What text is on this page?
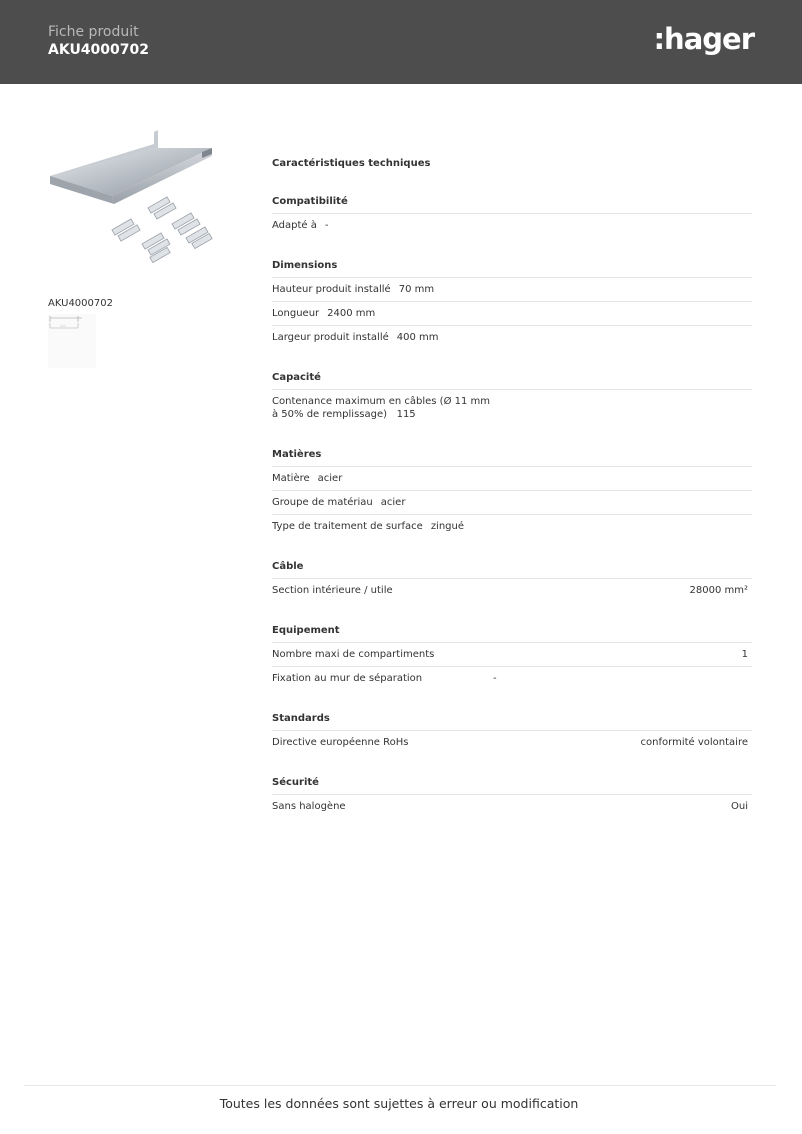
Fiche produit
AKU4000702	:hager
AKU4000702
Caractéristiques techniques
Compatibilité
Adapté à -
Dimensions
Hauteur produit installé 70 mm
Longueur 2400 mm
Largeur produit installé 400 mm
Capacité
Contenance maximum en câbles (Ø 11 mm à 50% de remplissage) 115
Matières
Matière acier
Groupe de matériau acier
Type de traitement de surface zingué
Câble
Section intérieure / utile	28000 mm²
Equipement
Nombre maxi de compartiments	1
Fixation au mur de séparation	-
Standards
Directive européenne RoHs	conformité volontaire
Sécurité
Sans halogène	Oui
Toutes les données sont sujettes à erreur ou modification
